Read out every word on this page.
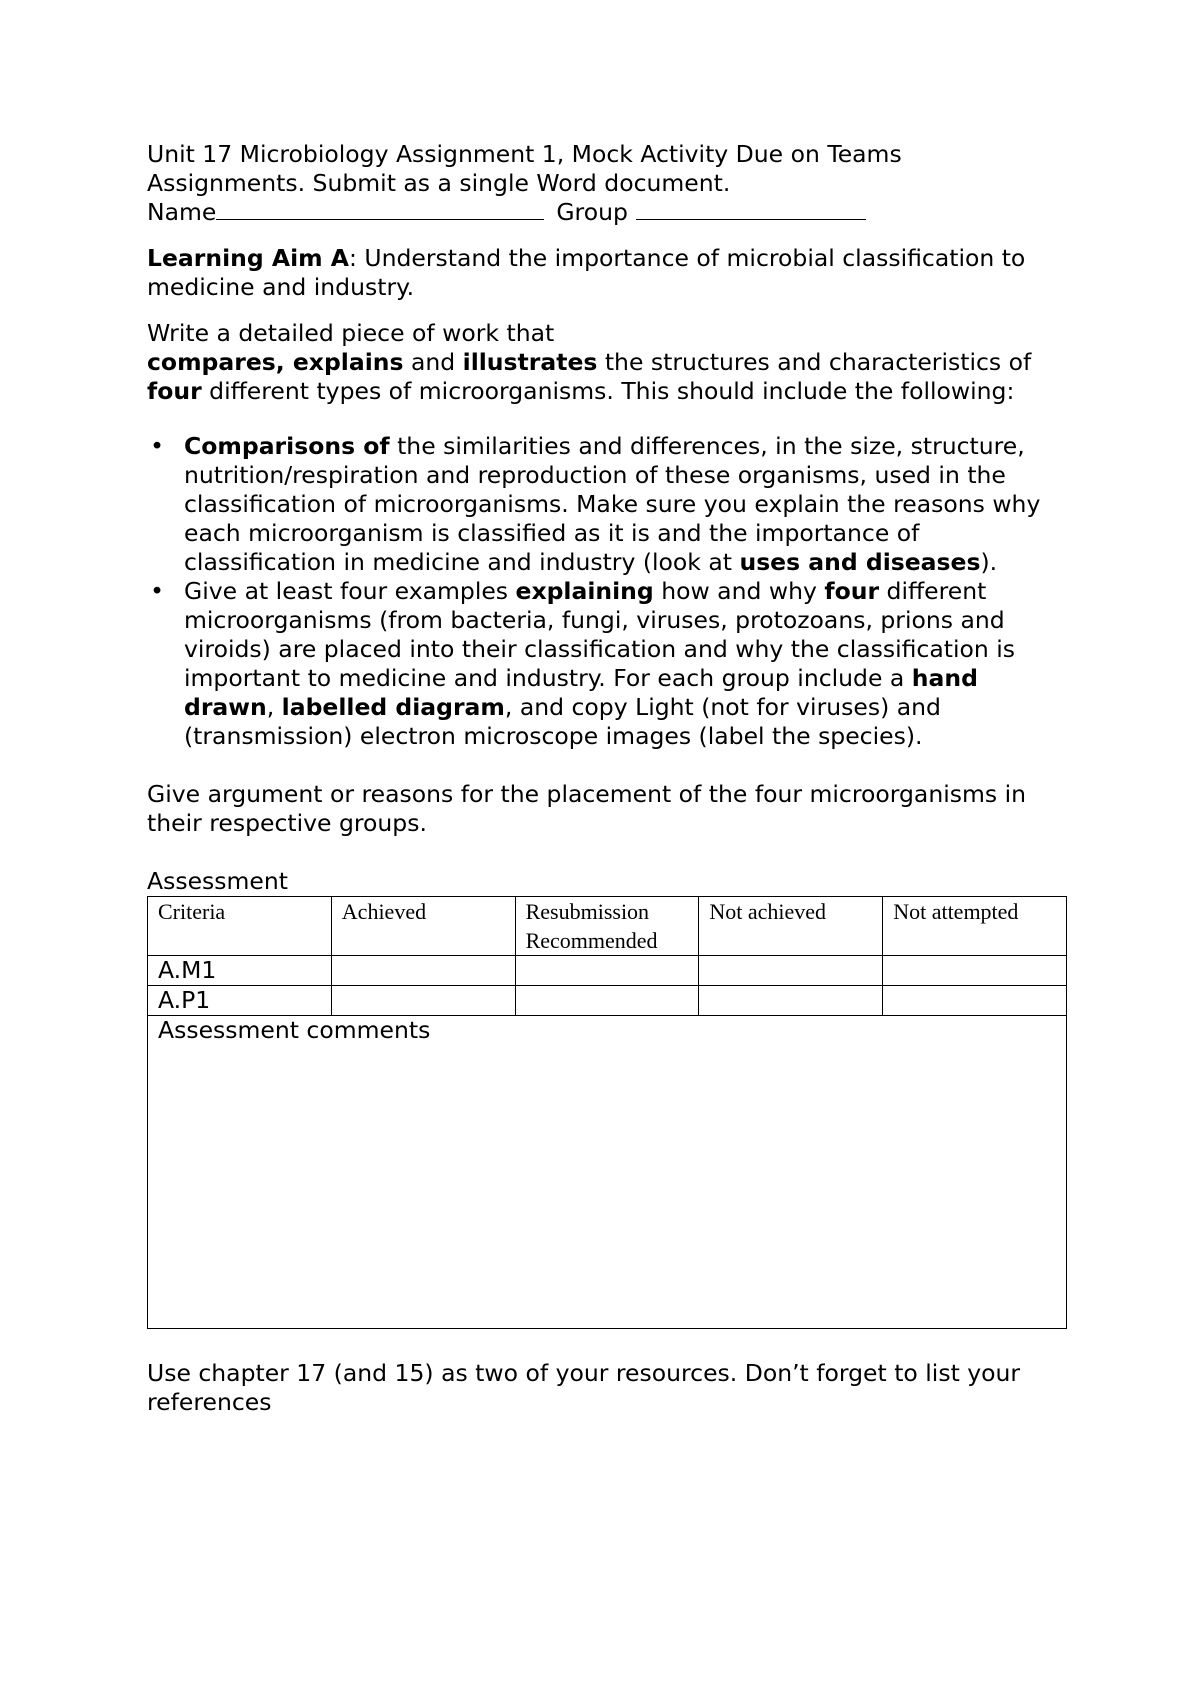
Unit 17 Microbiology Assignment 1, Mock Activity Due on Teams

Assignments. Submit as a single Word document.

Name	Group

Learning Aim A: Understand the importance of microbial classification to medicine and industry.

Write a detailed piece of work that
compares, explains and illustrates the structures and characteristics of four different types of microorganisms. This should include the following:

• Comparisons of the similarities and differences, in the size, structure, nutrition/respiration and reproduction of these organisms, used in the classification of microorganisms. Make sure you explain the reasons why each microorganism is classified as it is and the importance of classification in medicine and industry (look at uses and diseases).
• Give at least four examples explaining how and why four different microorganisms (from bacteria, fungi, viruses, protozoans, prions and viroids) are placed into their classification and why the classification is important to medicine and industry. For each group include a hand drawn, labelled diagram, and copy Light (not for viruses) and (transmission) electron microscope images (label the species).

Give argument or reasons for the placement of the four microorganisms in their respective groups.

Assessment

Criteria	Achieved	Resubmission Recommended	Not achieved	Not attempted
A.M1				
A.P1				
Assessment comments				

Use chapter 17 (and 15) as two of your resources. Don’t forget to list your references
